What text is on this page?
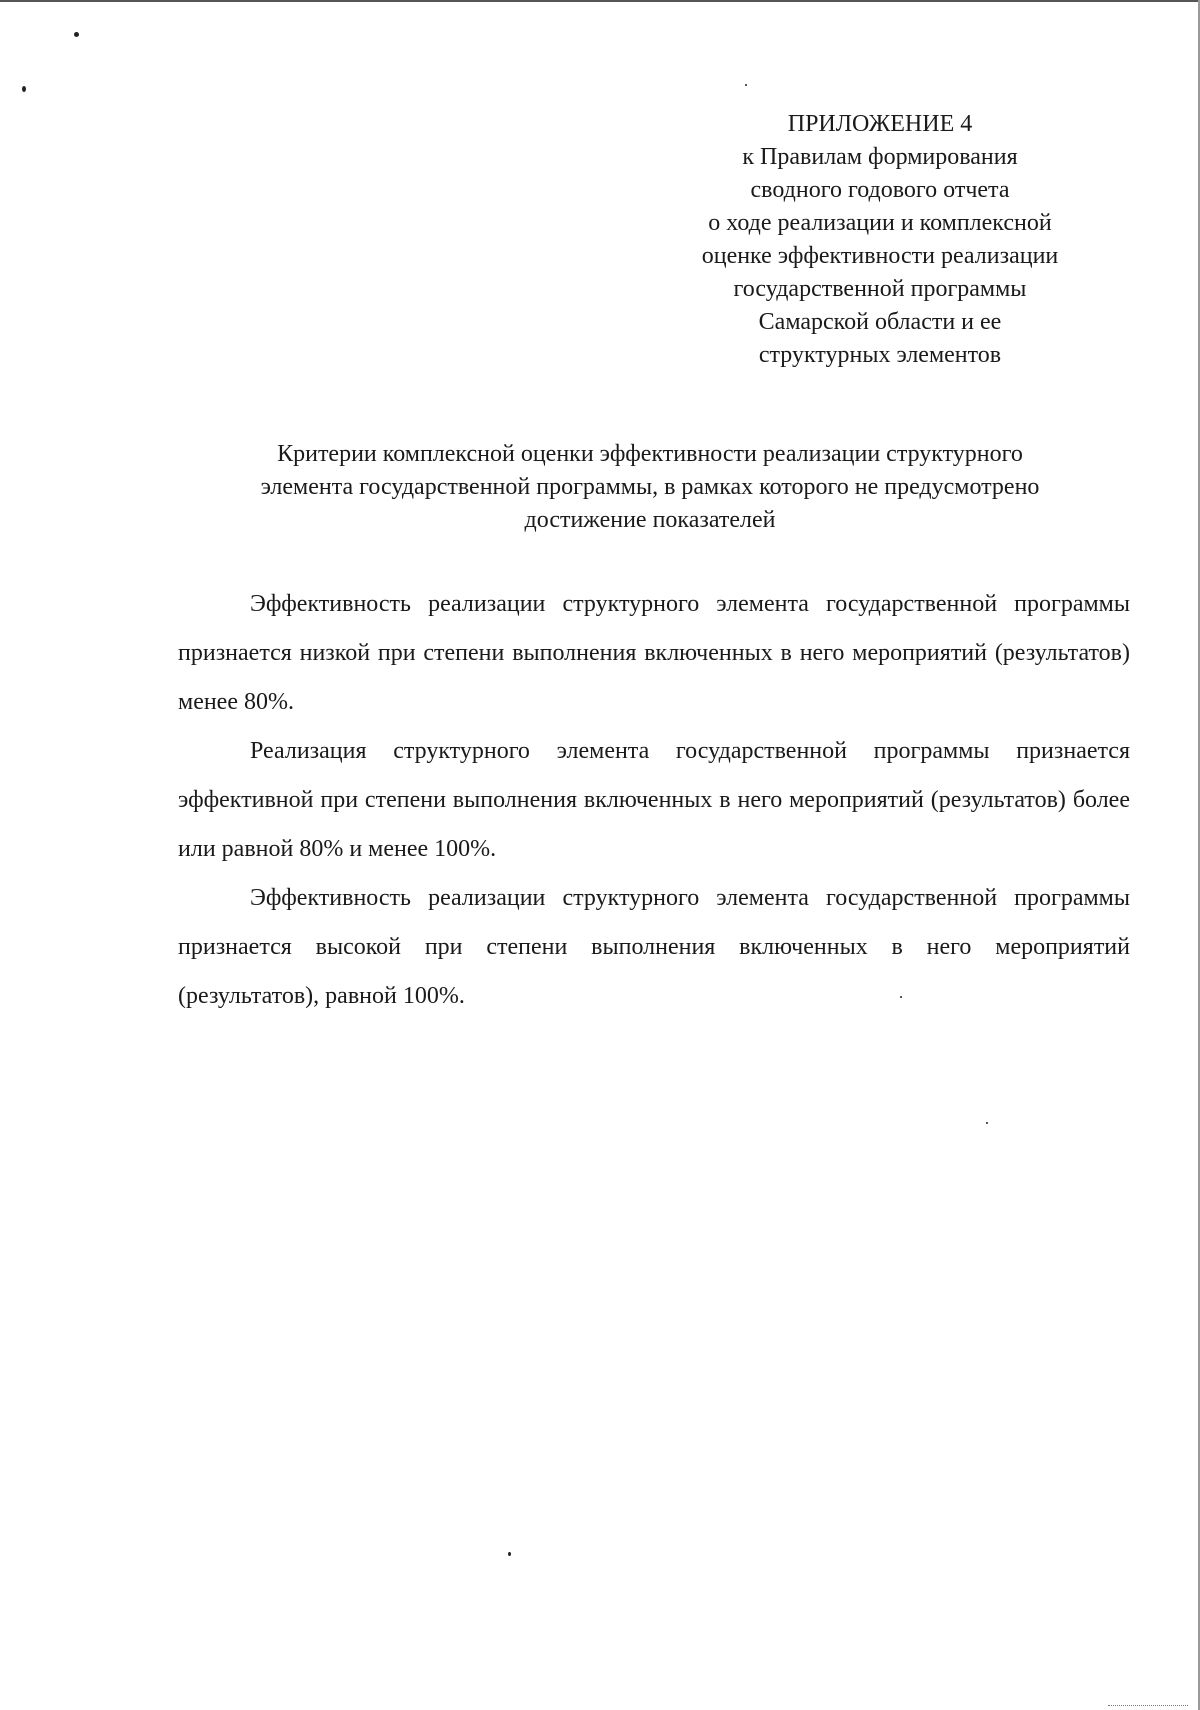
ПРИЛОЖЕНИЕ 4
к Правилам формирования
сводного годового отчета
о ходе реализации и комплексной
оценке эффективности реализации
государственной программы
Самарской области и ее
структурных элементов
Критерии комплексной оценки эффективности реализации структурного
элемента государственной программы, в рамках которого не предусмотрено
достижение показателей

Эффективность реализации структурного элемента государственной программы признается низкой при степени выполнения включенных в него мероприятий (результатов) менее 80%.

Реализация структурного элемента государственной программы признается эффективной при степени выполнения включенных в него мероприятий (результатов) более или равной 80% и менее 100%.

Эффективность реализации структурного элемента государственной программы признается высокой при степени выполнения включенных в него мероприятий (результатов), равной 100%.
